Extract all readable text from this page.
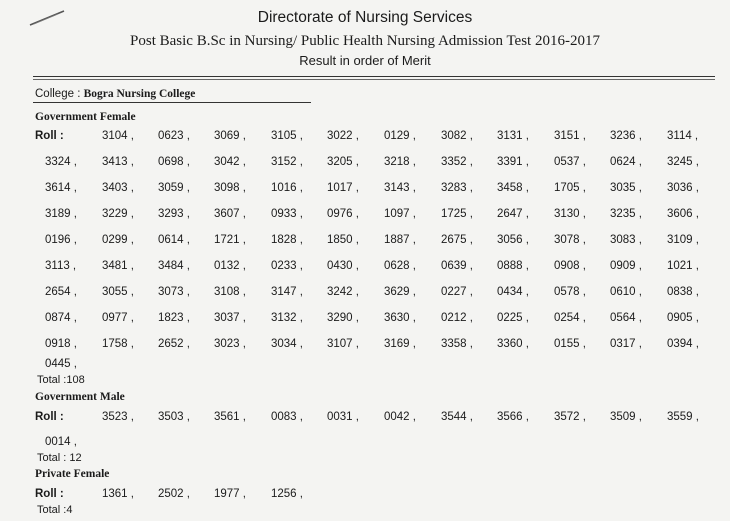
Directorate of Nursing Services
Post Basic B.Sc in Nursing/ Public Health Nursing Admission Test 2016-2017
Result in order of Merit
College : Bogra Nursing College
Government Female
Roll :	3104 , 0623 , 3069 , 3105 , 3022 , 0129 , 3082 , 3131 , 3151 , 3236 , 3114 ,
3324 , 3413 , 0698 , 3042 , 3152 , 3205 , 3218 , 3352 , 3391 , 0537 , 0624 , 3245 ,
3614 , 3403 , 3059 , 3098 , 1016 , 1017 , 3143 , 3283 , 3458 , 1705 , 3035 , 3036 ,
3189 , 3229 , 3293 , 3607 , 0933 , 0976 , 1097 , 1725 , 2647 , 3130 , 3235 , 3606 ,
0196 , 0299 , 0614 , 1721 , 1828 , 1850 , 1887 , 2675 , 3056 , 3078 , 3083 , 3109 ,
3113 , 3481 , 3484 , 0132 , 0233 , 0430 , 0628 , 0639 , 0888 , 0908 , 0909 , 1021 ,
2654 , 3055 , 3073 , 3108 , 3147 , 3242 , 3629 , 0227 , 0434 , 0578 , 0610 , 0838 ,
0874 , 0977 , 1823 , 3037 , 3132 , 3290 , 3630 , 0212 , 0225 , 0254 , 0564 , 0905 ,
0918 , 1758 , 2652 , 3023 , 3034 , 3107 , 3169 , 3358 , 3360 , 0155 , 0317 , 0394 ,
0445 ,
Total :108
Government Male
Roll :	3523 , 3503 , 3561 , 0083 , 0031 , 0042 , 3544 , 3566 , 3572 , 3509 , 3559 ,
0014 ,
Total : 12
Private Female
Roll :	1361 , 2502 , 1977 , 1256 ,
Total :4
